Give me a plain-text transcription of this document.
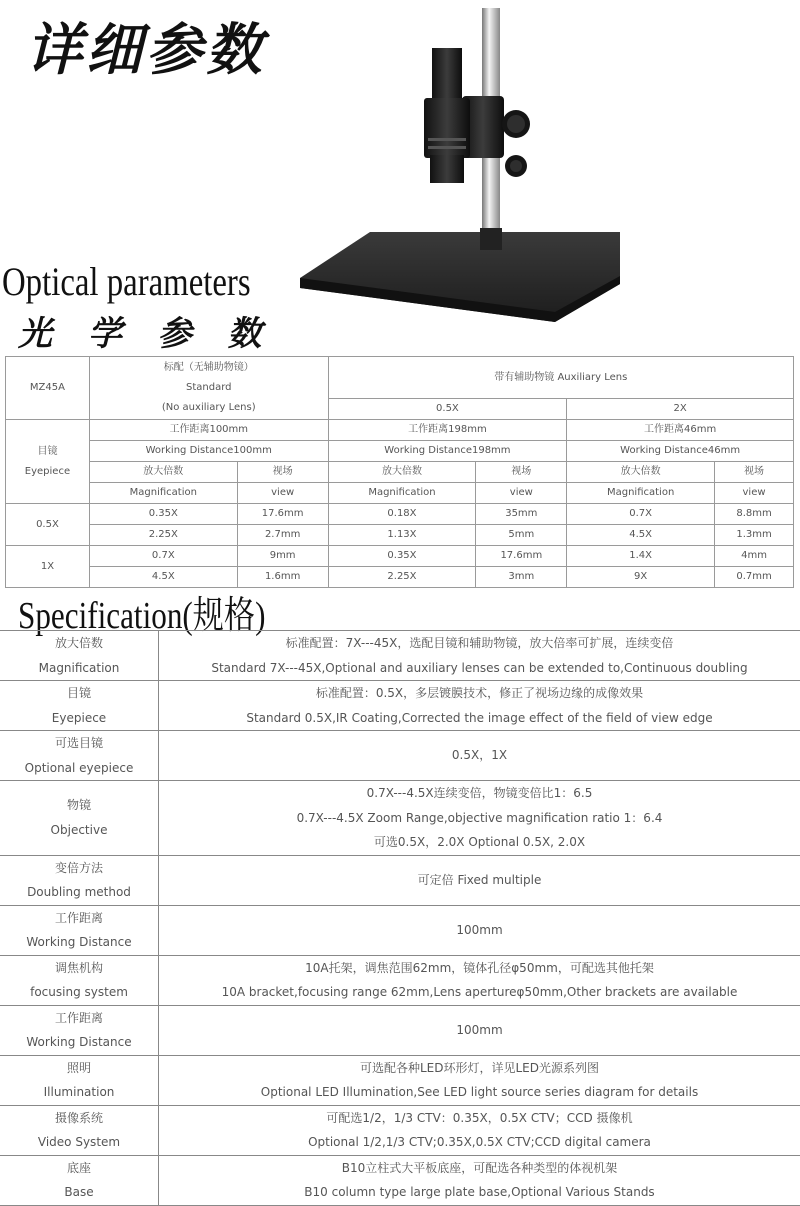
详细参数
Optical parameters
光 学 参 数
MZ45A	标配（无辅助物镜）
Standard
(No auxiliary Lens)		带有辅助物镜 Auxiliary Lens			

			0.5X		2X	

目镜
Eyepiece	工作距离100mm		工作距离198mm		工作距离46mm	

	Working Distance100mm		Working Distance198mm		Working Distance46mm	

	放大倍数	视场	放大倍数	视场	放大倍数	视场
	Magnification	view	Magnification	view	Magnification	view
0.5X	0.35X	17.6mm	0.18X	35mm	0.7X	8.8mm
	2.25X	2.7mm	1.13X	5mm	4.5X	1.3mm
1X	0.7X	9mm	0.35X	17.6mm	1.4X	4mm
	4.5X	1.6mm	2.25X	3mm	9X	0.7mm
Specification(规格)
放大倍数
Magnification	标准配置：7X---45X，选配目镜和辅助物镜，放大倍率可扩展，连续变倍
Standard 7X---45X,Optional and auxiliary lenses can be extended to,Continuous doubling

目镜
Eyepiece	标准配置：0.5X，多层镀膜技术，修正了视场边缘的成像效果
Standard 0.5X,IR Coating,Corrected the image effect of the field of view edge

可选目镜
Optional eyepiece	0.5X，1X

物镜
Objective	0.7X---4.5X连续变倍，物镜变倍比1：6.5
0.7X---4.5X Zoom Range,objective magnification ratio 1：6.4
可选0.5X，2.0X Optional 0.5X, 2.0X

变倍方法
Doubling method	可定倍 Fixed multiple

工作距离
Working Distance	100mm

调焦机构
focusing system	10A托架，调焦范围62mm，镜体孔径φ50mm，可配选其他托架
10A bracket,focusing range 62mm,Lens apertureφ50mm,Other brackets are available

工作距离
Working Distance	100mm

照明
Illumination	可选配各种LED环形灯，详见LED光源系列图
Optional LED Illumination,See LED light source series diagram for details

摄像系统
Video System	可配选1/2，1/3 CTV：0.35X，0.5X CTV；CCD 摄像机
Optional 1/2,1/3 CTV;0.35X,0.5X CTV;CCD digital camera

底座
Base	B10立柱式大平板底座，可配选各种类型的体视机架
B10 column type large plate base,Optional Various Stands
